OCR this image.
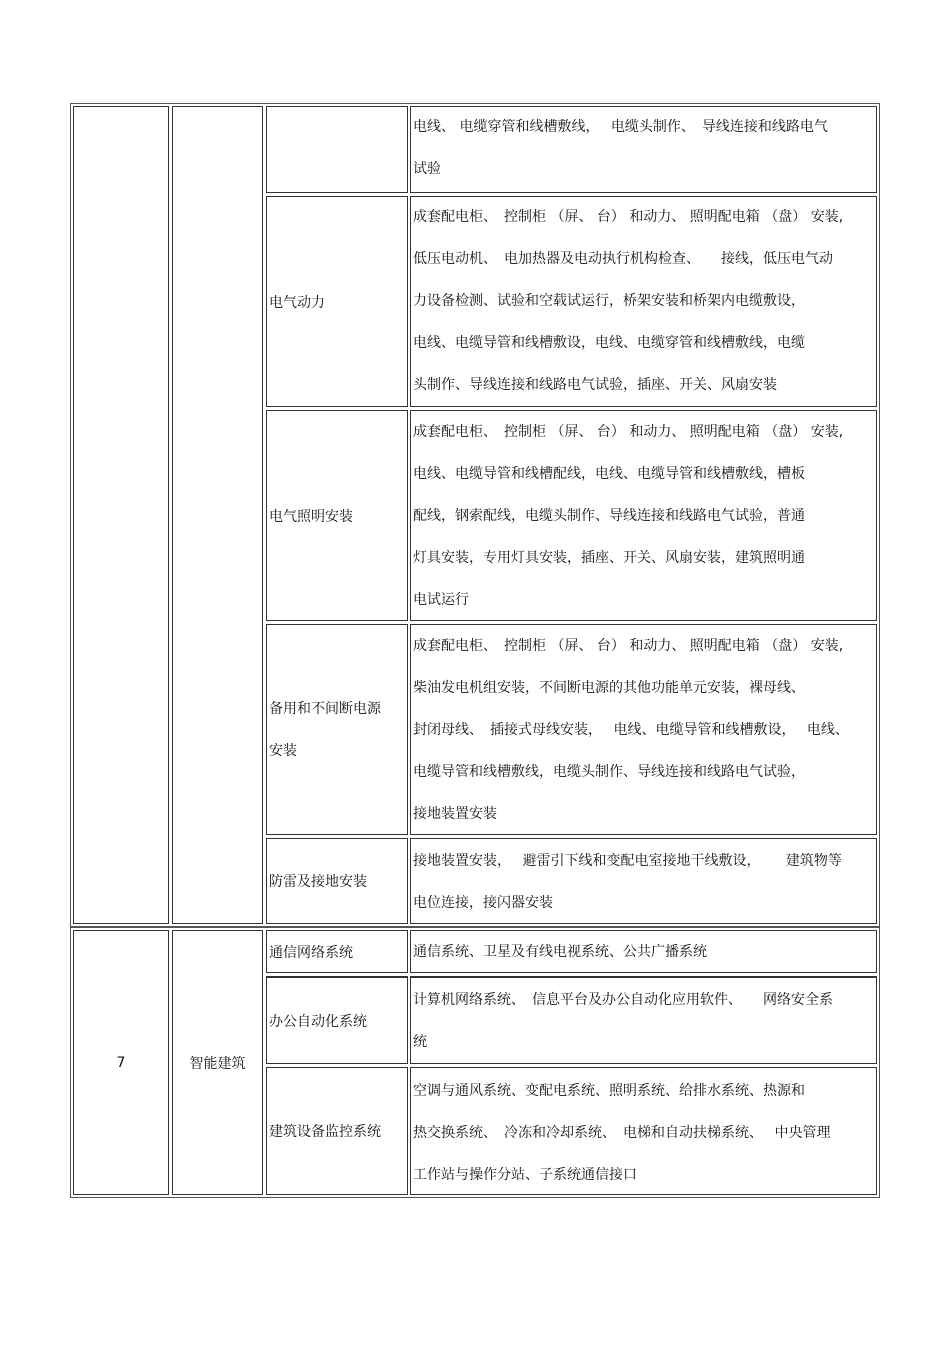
电线、 电缆穿管和线槽敷线，　 电缆头制作、　导线连接和线路电气
试验
电气动力
成套配电柜、　控制柜 （屏、 台） 和动力、 照明配电箱 （盘） 安装,
低压电动机、　电加热器及电动执行机构检查、　　接线，低压电气动
力设备检测、试验和空载试运行，桥架安装和桥架内电缆敷设，
电线、电缆导管和线槽敷设，电线、电缆穿管和线槽敷线，电缆
头制作、导线连接和线路电气试验，插座、开关、风扇安装
电气照明安装
成套配电柜、　控制柜 （屏、 台） 和动力、 照明配电箱 （盘） 安装,
电线、电缆导管和线槽配线，电线、电缆导管和线槽敷线，槽板
配线，钢索配线，电缆头制作、导线连接和线路电气试验，普通
灯具安装，专用灯具安装，插座、开关、风扇安装，建筑照明通
电试运行
备用和不间断电源
安装
成套配电柜、　控制柜 （屏、 台） 和动力、 照明配电箱 （盘） 安装,
柴油发电机组安装，不间断电源的其他功能单元安装，裸母线、
封闭母线、　插接式母线安装，　 电线、电缆导管和线槽敷设，　 电线、
电缆导管和线槽敷线，电缆头制作、导线连接和线路电气试验，
接地装置安装
防雷及接地安装
接地装置安装，　 避雷引下线和变配电室接地干线敷设，　　 建筑物等
电位连接，接闪器安装
7	智能建筑
通信网络系统	通信系统、卫星及有线电视系统、公共广播系统
办公自动化系统
计算机网络系统、　信息平台及办公自动化应用软件、　　网络安全系
统
建筑设备监控系统
空调与通风系统、变配电系统、照明系统、给排水系统、热源和
热交换系统、　冷冻和冷却系统、　电梯和自动扶梯系统、　 中央管理
工作站与操作分站、子系统通信接口
